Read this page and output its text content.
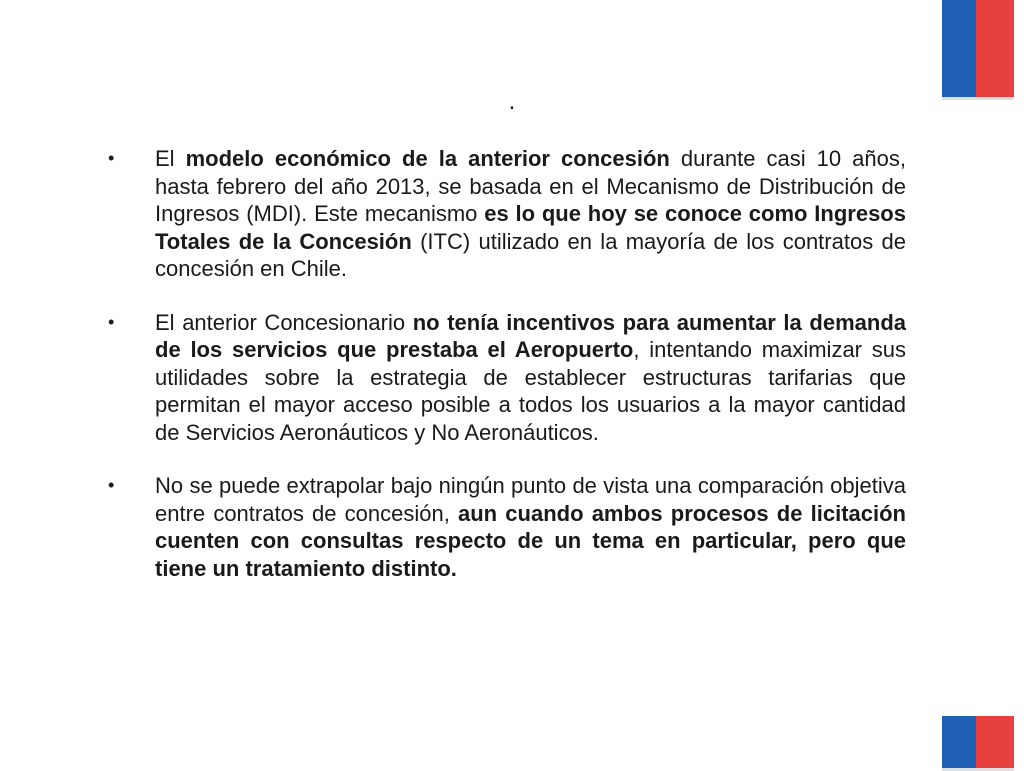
.

• El modelo económico de la anterior concesión durante casi 10 años, hasta febrero del año 2013, se basada en el Mecanismo de Distribución de Ingresos (MDI). Este mecanismo es lo que hoy se conoce como Ingresos Totales de la Concesión (ITC) utilizado en la mayoría de los contratos de concesión en Chile.

• El anterior Concesionario no tenía incentivos para aumentar la demanda de los servicios que prestaba el Aeropuerto, intentando maximizar sus utilidades sobre la estrategia de establecer estructuras tarifarias que permitan el mayor acceso posible a todos los usuarios a la mayor cantidad de Servicios Aeronáuticos y No Aeronáuticos.

• No se puede extrapolar bajo ningún punto de vista una comparación objetiva entre contratos de concesión, aun cuando ambos procesos de licitación cuenten con consultas respecto de un tema en particular, pero que tiene un tratamiento distinto.
